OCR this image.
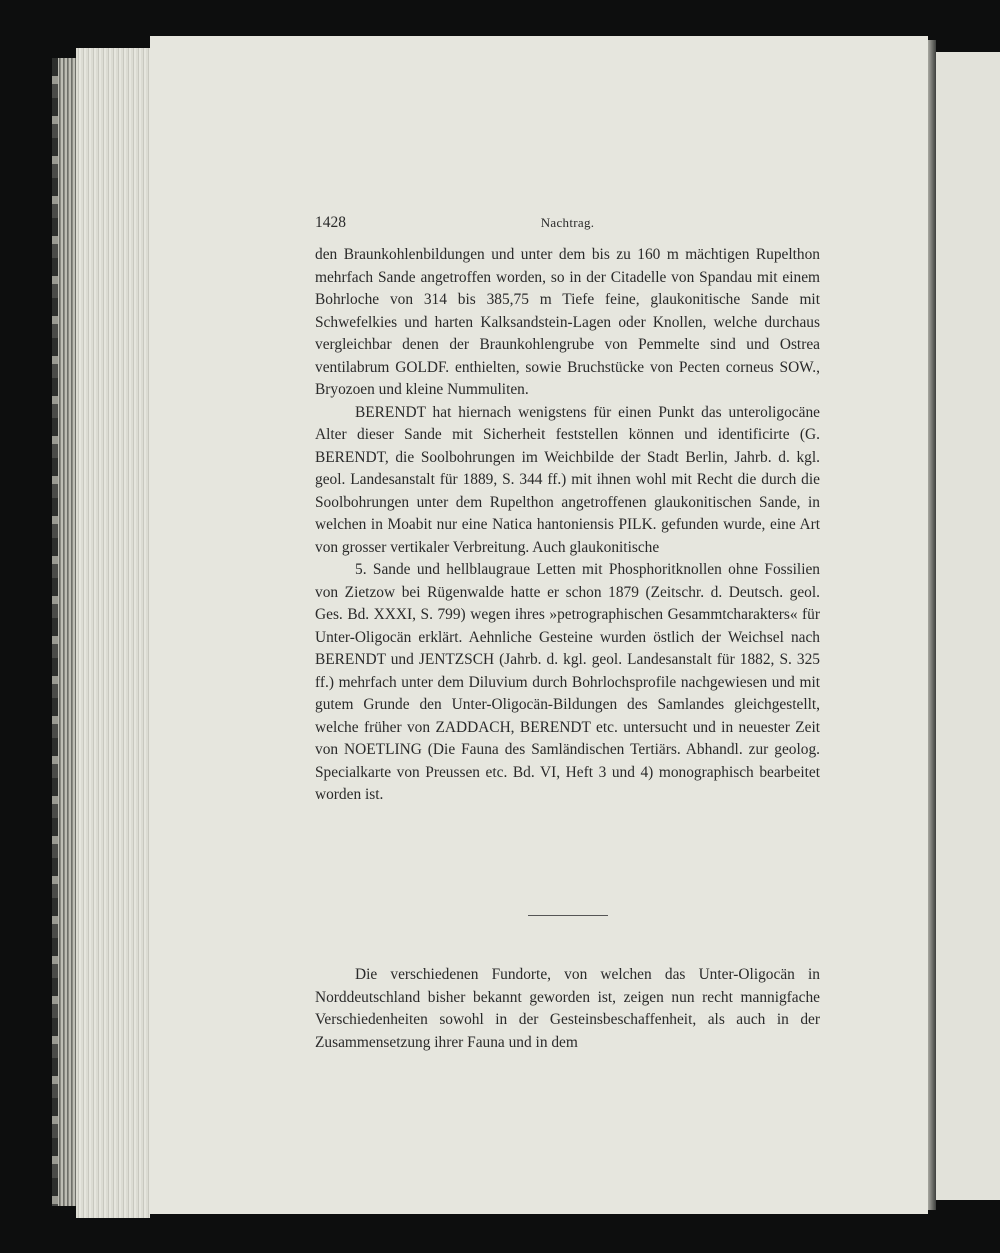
1428	Nachtrag.

den Braunkohlenbildungen und unter dem bis zu 160 m mächtigen Rupelthon mehrfach Sande angetroffen worden, so in der Citadelle von Spandau mit einem Bohrloche von 314 bis 385,75 m Tiefe feine, glaukonitische Sande mit Schwefelkies und harten Kalksandstein-Lagen oder Knollen, welche durchaus vergleichbar denen der Braunkohlengrube von Pemmelte sind und Ostrea ventilabrum GOLDF. enthielten, sowie Bruchstücke von Pecten corneus SOW., Bryozoen und kleine Nummuliten.

BERENDT hat hiernach wenigstens für einen Punkt das unteroligocäne Alter dieser Sande mit Sicherheit feststellen können und identificirte (G. BERENDT, die Soolbohrungen im Weichbilde der Stadt Berlin, Jahrb. d. kgl. geol. Landesanstalt für 1889, S. 344 ff.) mit ihnen wohl mit Recht die durch die Soolbohrungen unter dem Rupelthon angetroffenen glaukonitischen Sande, in welchen in Moabit nur eine Natica hantoniensis PILK. gefunden wurde, eine Art von grosser vertikaler Verbreitung. Auch glaukonitische

5. Sande und hellblaugraue Letten mit Phosphoritknollen ohne Fossilien von Zietzow bei Rügenwalde hatte er schon 1879 (Zeitschr. d. Deutsch. geol. Ges. Bd. XXXI, S. 799) wegen ihres »petrographischen Gesammtcharakters« für Unter-Oligocän erklärt. Aehnliche Gesteine wurden östlich der Weichsel nach BERENDT und JENTZSCH (Jahrb. d. kgl. geol. Landesanstalt für 1882, S. 325 ff.) mehrfach unter dem Diluvium durch Bohrlochsprofile nachgewiesen und mit gutem Grunde den Unter-Oligocän-Bildungen des Samlandes gleichgestellt, welche früher von ZADDACH, BERENDT etc. untersucht und in neuester Zeit von NOETLING (Die Fauna des Samländischen Tertiärs. Abhandl. zur geolog. Specialkarte von Preussen etc. Bd. VI, Heft 3 und 4) monographisch bearbeitet worden ist.

Die verschiedenen Fundorte, von welchen das Unter-Oligocän in Norddeutschland bisher bekannt geworden ist, zeigen nun recht mannigfache Verschiedenheiten sowohl in der Gesteinsbeschaffenheit, als auch in der Zusammensetzung ihrer Fauna und in dem
